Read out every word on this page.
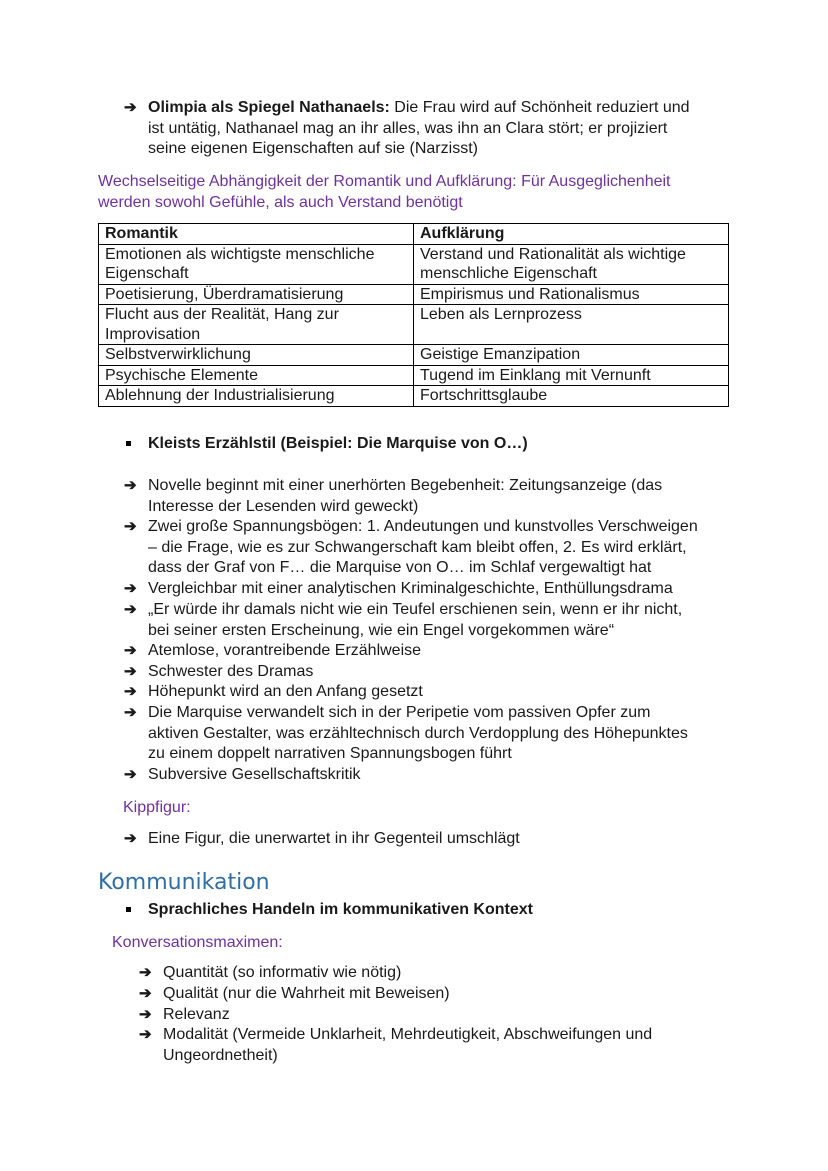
➔ Olimpia als Spiegel Nathanaels: Die Frau wird auf Schönheit reduziert und
ist untätig, Nathanael mag an ihr alles, was ihn an Clara stört; er projiziert
seine eigenen Eigenschaften auf sie (Narzisst)
Wechselseitige Abhängigkeit der Romantik und Aufklärung: Für Ausgeglichenheit
werden sowohl Gefühle, als auch Verstand benötigt
Romantik	Aufklärung
Emotionen als wichtigste menschliche Eigenschaft	Verstand und Rationalität als wichtige menschliche Eigenschaft
Poetisierung, Überdramatisierung	Empirismus und Rationalismus
Flucht aus der Realität, Hang zur Improvisation	Leben als Lernprozess
Selbstverwirklichung	Geistige Emanzipation
Psychische Elemente	Tugend im Einklang mit Vernunft
Ablehnung der Industrialisierung	Fortschrittsglaube
Kleists Erzählstil (Beispiel: Die Marquise von O…)
➔ Novelle beginnt mit einer unerhörten Begebenheit: Zeitungsanzeige (das
Interesse der Lesenden wird geweckt)
➔ Zwei große Spannungsbögen: 1. Andeutungen und kunstvolles Verschweigen
– die Frage, wie es zur Schwangerschaft kam bleibt offen, 2. Es wird erklärt,
dass der Graf von F… die Marquise von O… im Schlaf vergewaltigt hat
➔ Vergleichbar mit einer analytischen Kriminalgeschichte, Enthüllungsdrama
➔ „Er würde ihr damals nicht wie ein Teufel erschienen sein, wenn er ihr nicht,
bei seiner ersten Erscheinung, wie ein Engel vorgekommen wäre“
➔ Atemlose, vorantreibende Erzählweise
➔ Schwester des Dramas
➔ Höhepunkt wird an den Anfang gesetzt
➔ Die Marquise verwandelt sich in der Peripetie vom passiven Opfer zum
aktiven Gestalter, was erzähltechnisch durch Verdopplung des Höhepunktes
zu einem doppelt narrativen Spannungsbogen führt
➔ Subversive Gesellschaftskritik
Kippfigur:
➔ Eine Figur, die unerwartet in ihr Gegenteil umschlägt
Kommunikation
Sprachliches Handeln im kommunikativen Kontext
Konversationsmaximen:
➔ Quantität (so informativ wie nötig)
➔ Qualität (nur die Wahrheit mit Beweisen)
➔ Relevanz
➔ Modalität (Vermeide Unklarheit, Mehrdeutigkeit, Abschweifungen und
Ungeordnetheit)
